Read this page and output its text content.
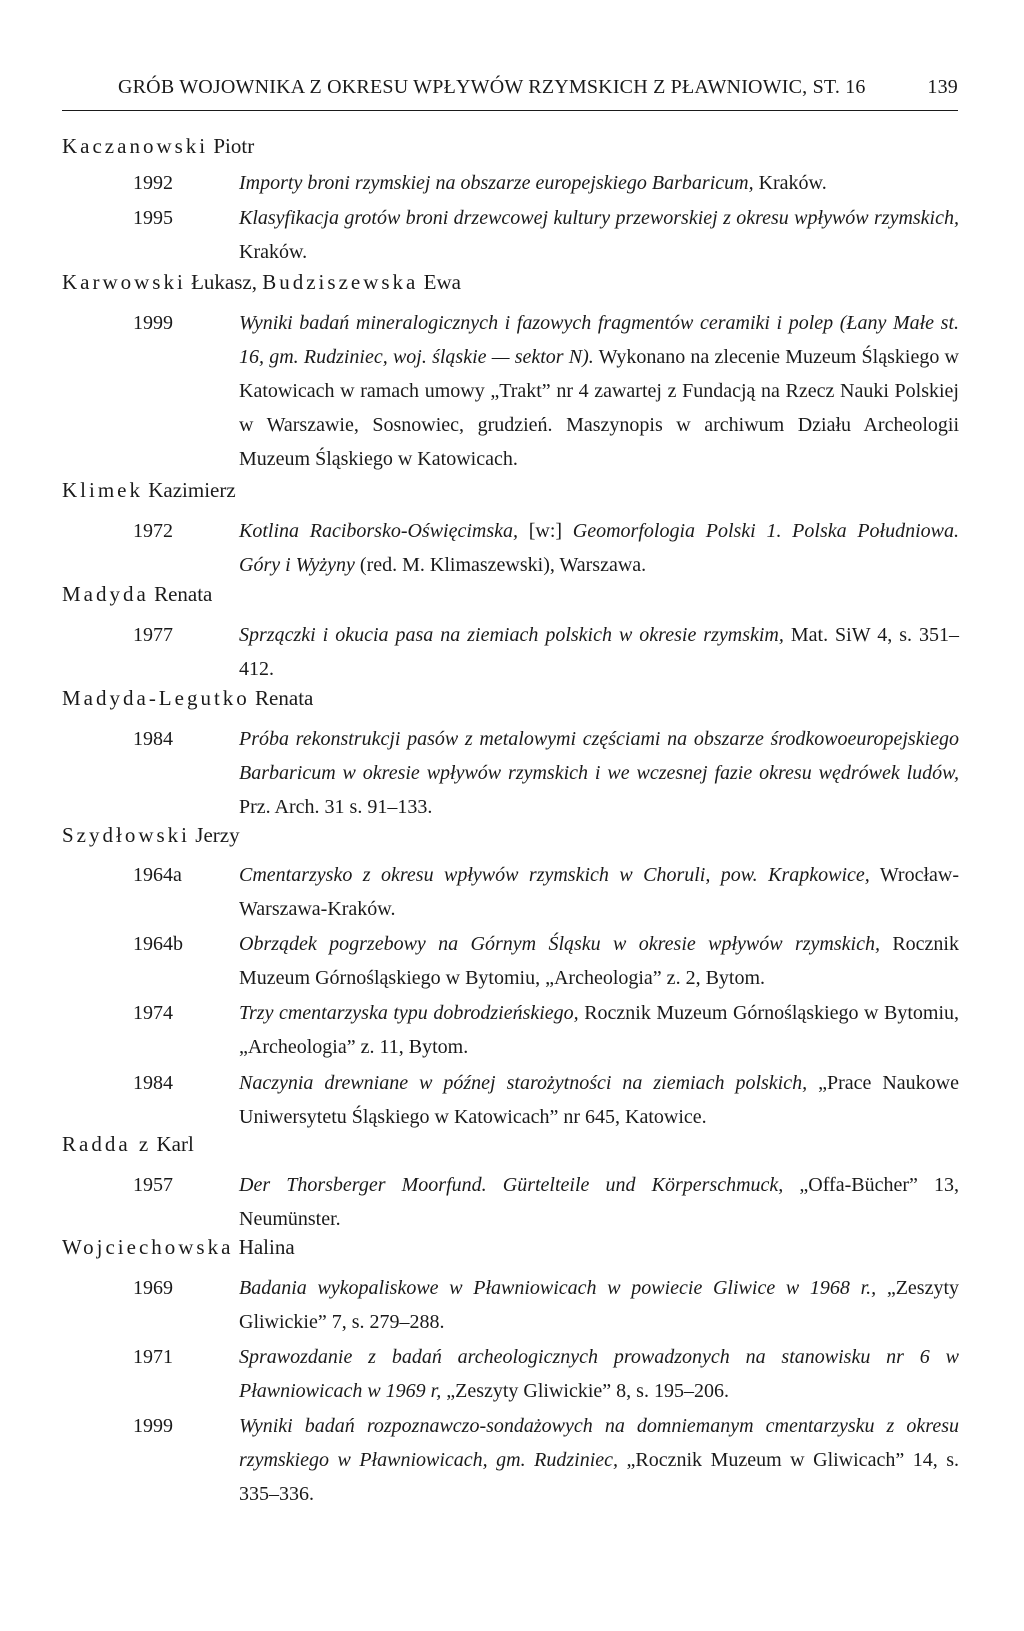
GRÓB WOJOWNIKA Z OKRESU WPŁYWÓW RZYMSKICH Z PŁAWNIOWIC, ST. 16	139
Kaczanowski Piotr
1992	Importy broni rzymskiej na obszarze europejskiego Barbaricum, Kraków.
1995	Klasyfikacja grotów broni drzewcowej kultury przeworskiej z okresu wpływów rzymskich, Kraków.
Karwowski Łukasz, Budziszewska Ewa
1999	Wyniki badań mineralogicznych i fazowych fragmentów ceramiki i polep (Łany Małe st. 16, gm. Rudziniec, woj. śląskie — sektor N). Wykonano na zlecenie Muzeum Śląskiego w Katowicach w ramach umowy „Trakt” nr 4 zawartej z Fundacją na Rzecz Nauki Polskiej w Warszawie, Sosnowiec, grudzień. Maszynopis w archiwum Działu Archeologii Muzeum Śląskiego w Katowicach.
Klimek Kazimierz
1972	Kotlina Raciborsko-Oświęcimska, [w:] Geomorfologia Polski 1. Polska Południowa. Góry i Wyżyny (red. M. Klimaszewski), Warszawa.
Madyda Renata
1977	Sprzączki i okucia pasa na ziemiach polskich w okresie rzymskim, Mat. SiW 4, s. 351–412.
Madyda-Legutko Renata
1984	Próba rekonstrukcji pasów z metalowymi częściami na obszarze środkowoeuropejskiego Barbaricum w okresie wpływów rzymskich i we wczesnej fazie okresu wędrówek ludów, Prz. Arch. 31 s. 91–133.
Szydłowski Jerzy
1964a	Cmentarzysko z okresu wpływów rzymskich w Choruli, pow. Krapkowice, Wrocław-Warszawa-Kraków.
1964b	Obrządek pogrzebowy na Górnym Śląsku w okresie wpływów rzymskich, Rocznik Muzeum Górnośląskiego w Bytomiu, „Archeologia” z. 2, Bytom.
1974	Trzy cmentarzyska typu dobrodzieńskiego, Rocznik Muzeum Górnośląskiego w Bytomiu, „Archeologia” z. 11, Bytom.
1984	Naczynia drewniane w późnej starożytności na ziemiach polskich, „Prace Naukowe Uniwersytetu Śląskiego w Katowicach” nr 645, Katowice.
Radda z Karl
1957	Der Thorsberger Moorfund. Gürtelteile und Körperschmuck, „Offa-Bücher” 13, Neumünster.
Wojciechowska Halina
1969	Badania wykopaliskowe w Pławniowicach w powiecie Gliwice w 1968 r., „Zeszyty Gliwickie” 7, s. 279–288.
1971	Sprawozdanie z badań archeologicznych prowadzonych na stanowisku nr 6 w Pławniowicach w 1969 r, „Zeszyty Gliwickie” 8, s. 195–206.
1999	Wyniki badań rozpoznawczo-sondażowych na domniemanym cmentarzysku z okresu rzymskiego w Pławniowicach, gm. Rudziniec, „Rocznik Muzeum w Gliwicach” 14, s. 335–336.
